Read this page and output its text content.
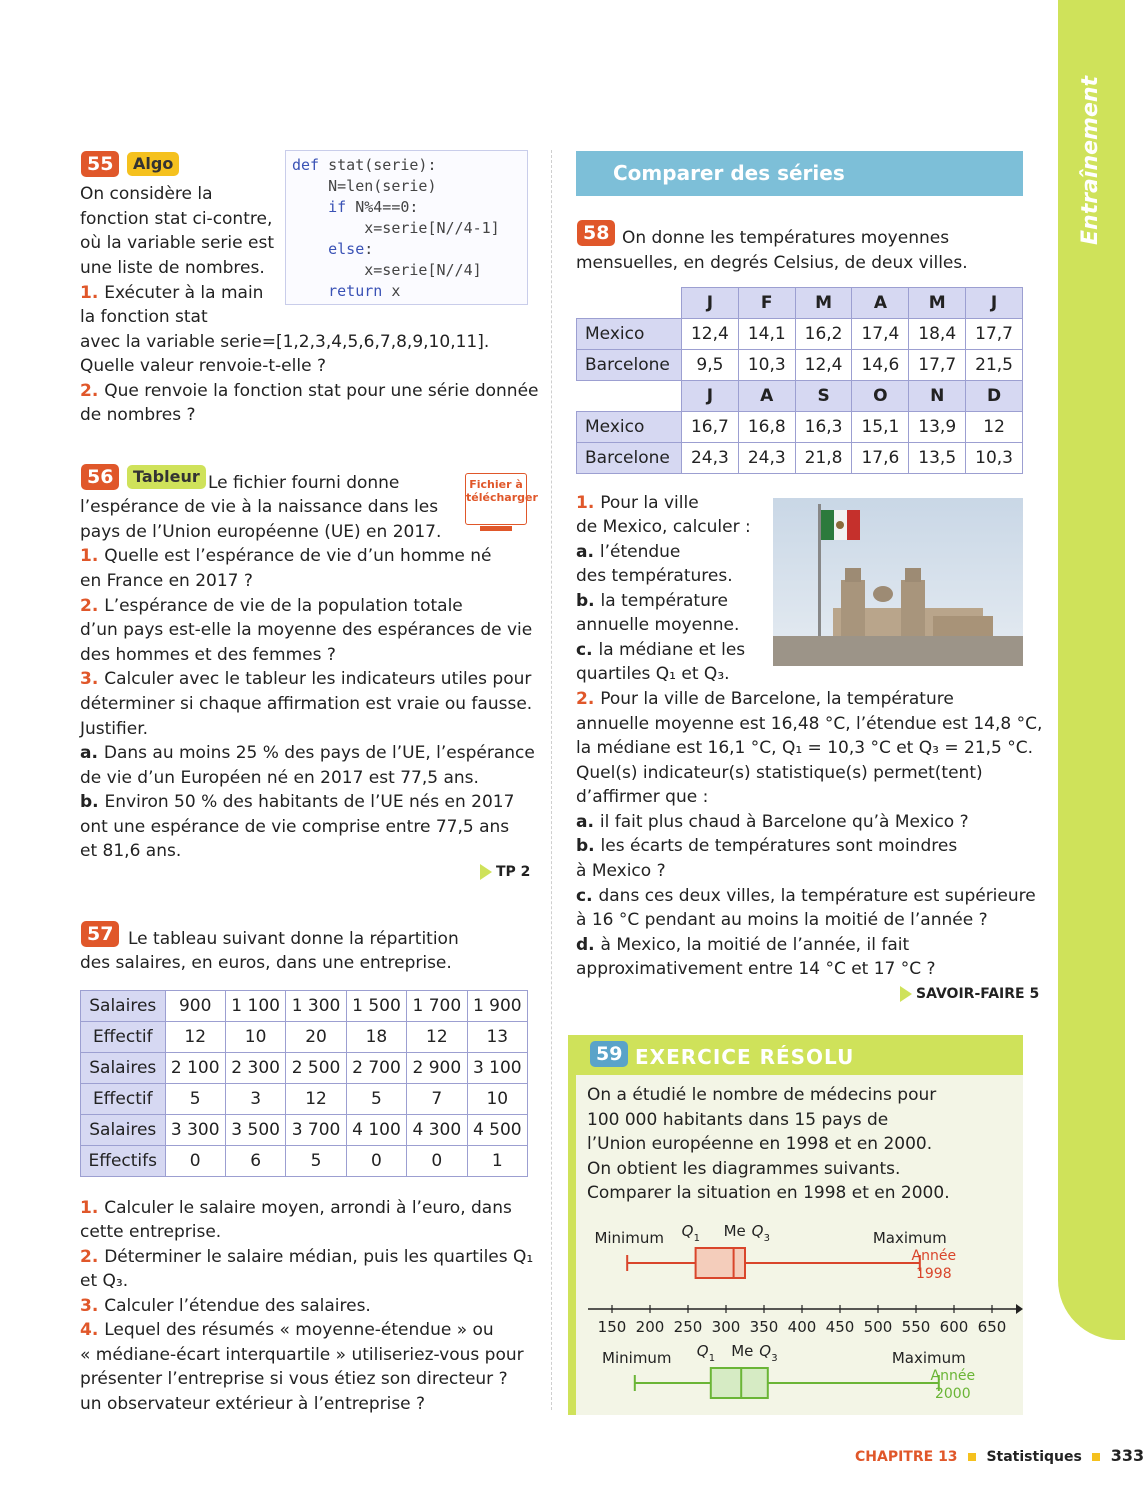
Entraînement
55	Algo	def stat(serie):
N=len(serie)
if N%4==0:
x=serie[N//4-1]
else:
x=serie[N//4]
return x
On considère la
fonction stat ci-contre,
où la variable serie est
une liste de nombres.
1. Exécuter à la main
la fonction stat
avec la variable serie=[1,2,3,4,5,6,7,8,9,10,11].
Quelle valeur renvoie-t-elle ?
2. Que renvoie la fonction stat pour une série donnée
de nombres ?
56	Tableur	Fichier à télécharger
Le fichier fourni donne
l’espérance de vie à la naissance dans les
pays de l’Union européenne (UE) en 2017.
1. Quelle est l’espérance de vie d’un homme né
en France en 2017 ?
2. L’espérance de vie de la population totale
d’un pays est-elle la moyenne des espérances de vie
des hommes et des femmes ?
3. Calculer avec le tableur les indicateurs utiles pour
déterminer si chaque affirmation est vraie ou fausse.
Justifier.
a. Dans au moins 25 % des pays de l’UE, l’espérance
de vie d’un Européen né en 2017 est 77,5 ans.
b. Environ 50 % des habitants de l’UE nés en 2017
ont une espérance de vie comprise entre 77,5 ans
et 81,6 ans.
TP 2
57 Le tableau suivant donne la répartition
des salaires, en euros, dans une entreprise.
Salaires	900	1 100	1 300	1 500	1 700	1 900
Effectif	12	10	20	18	12	13
Salaires	2 100	2 300	2 500	2 700	2 900	3 100
Effectif	5	3	12	5	7	10
Salaires	3 300	3 500	3 700	4 100	4 300	4 500
Effectifs	0	6	5	0	0	1
1. Calculer le salaire moyen, arrondi à l’euro, dans
cette entreprise.
2. Déterminer le salaire médian, puis les quartiles Q₁
et Q₃.
3. Calculer l’étendue des salaires.
4. Lequel des résumés « moyenne-étendue » ou
« médiane-écart interquartile » utiliseriez-vous pour
présenter l’entreprise si vous étiez son directeur ?
un observateur extérieur à l’entreprise ?
Comparer des séries
58 On donne les températures moyennes
mensuelles, en degrés Celsius, de deux villes.
	J	F	M	A	M	J
Mexico	12,4	14,1	16,2	17,4	18,4	17,7
Barcelone	9,5	10,3	12,4	14,6	17,7	21,5
	J	A	S	O	N	D
Mexico	16,7	16,8	16,3	15,1	13,9	12
Barcelone	24,3	24,3	21,8	17,6	13,5	10,3
1. Pour la ville
de Mexico, calculer :
a. l’étendue
des températures.
b. la température
annuelle moyenne.
c. la médiane et les
quartiles Q₁ et Q₃.
2. Pour la ville de Barcelone, la température
annuelle moyenne est 16,48 °C, l’étendue est 14,8 °C,
la médiane est 16,1 °C, Q₁ = 10,3 °C et Q₃ = 21,5 °C.
Quel(s) indicateur(s) statistique(s) permet(tent)
d’affirmer que :
a. il fait plus chaud à Barcelone qu’à Mexico ?
b. les écarts de températures sont moindres
à Mexico ?
c. dans ces deux villes, la température est supérieure
à 16 °C pendant au moins la moitié de l’année ?
d. à Mexico, la moitié de l’année, il fait
approximativement entre 14 °C et 17 °C ?
SAVOIR-FAIRE 5
59 EXERCICE RÉSOLU
On a étudié le nombre de médecins pour
100 000 habitants dans 15 pays de
l’Union européenne en 1998 et en 2000.
On obtient les diagrammes suivants.
Comparer la situation en 1998 et en 2000.
150 200 250 300 350 400 450 500 550 600 650
Minimum	Maximum
Q 1 Me Q 3
Année
1998
Minimum	Maximum
Q 1 Me Q 3
Année
2000
CHAPITRE 13 Statistiques 333
